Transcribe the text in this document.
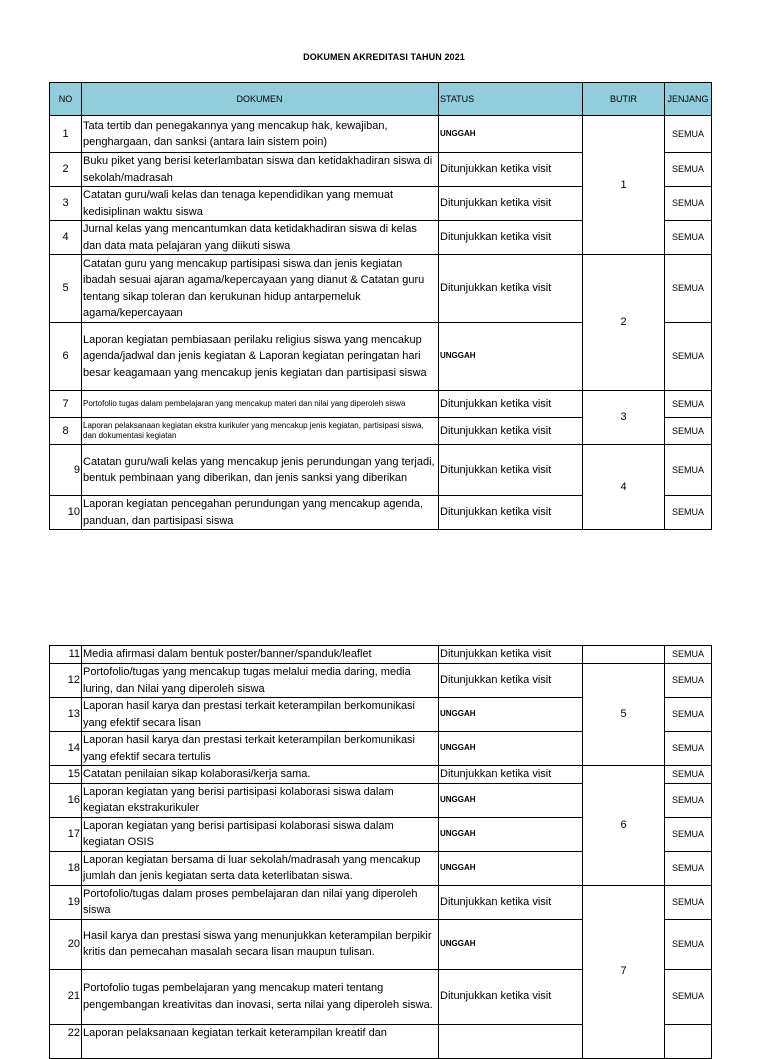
DOKUMEN AKREDITASI TAHUN 2021
NO	DOKUMEN	STATUS	BUTIR	JENJANG
1	Tata tertib dan penegakannya yang mencakup hak, kewajiban, penghargaan, dan sanksi (antara lain sistem poin)	UNGGAH	1	SEMUA
2	Buku piket yang berisi keterlambatan siswa dan ketidakhadiran siswa di sekolah/madrasah	Ditunjukkan ketika visit		SEMUA
3	Catatan guru/wali kelas dan tenaga kependidikan yang memuat kedisiplinan waktu siswa	Ditunjukkan ketika visit		SEMUA
4	Jurnal kelas yang mencantumkan data ketidakhadiran siswa di kelas dan data mata pelajaran yang diikuti siswa	Ditunjukkan ketika visit		SEMUA
5	Catatan guru yang mencakup partisipasi siswa dan jenis kegiatan ibadah sesuai ajaran agama/kepercayaan yang dianut & Catatan guru tentang sikap toleran dan kerukunan hidup antarpemeluk agama/kepercayaan	Ditunjukkan ketika visit	2	SEMUA
6	Laporan kegiatan pembiasaan perilaku religius siswa yang mencakup agenda/jadwal dan jenis kegiatan & Laporan kegiatan peringatan hari besar keagamaan yang mencakup jenis kegiatan dan partisipasi siswa	UNGGAH		SEMUA
7	Portofolio tugas dalam pembelajaran yang mencakup materi dan nilai yang diperoleh siswa	Ditunjukkan ketika visit	3	SEMUA
8	Laporan pelaksanaan kegiatan ekstra kurikuler yang mencakup jenis kegiatan, partisipasi siswa, dan dokumentasi kegiatan	Ditunjukkan ketika visit		SEMUA
9	Catatan guru/wali kelas yang mencakup jenis perundungan yang terjadi, bentuk pembinaan yang diberikan, dan jenis sanksi yang diberikan	Ditunjukkan ketika visit	4	SEMUA
10	Laporan kegiatan pencegahan perundungan yang mencakup agenda, panduan, dan partisipasi siswa	Ditunjukkan ketika visit		SEMUA
11	Media afirmasi dalam bentuk poster/banner/spanduk/leaflet	Ditunjukkan ketika visit		SEMUA
12	Portofolio/tugas yang mencakup tugas melalui media daring, media luring, dan Nilai yang diperoleh siswa	Ditunjukkan ketika visit	5	SEMUA
13	Laporan hasil karya dan prestasi terkait keterampilan berkomunikasi yang efektif secara lisan	UNGGAH		SEMUA
14	Laporan hasil karya dan prestasi terkait keterampilan berkomunikasi yang efektif secara tertulis	UNGGAH		SEMUA
15	Catatan penilaian sikap kolaborasi/kerja sama.	Ditunjukkan ketika visit	6	SEMUA
16	Laporan kegiatan yang berisi partisipasi kolaborasi siswa dalam kegiatan ekstrakurikuler	UNGGAH		SEMUA
17	Laporan kegiatan yang berisi partisipasi kolaborasi siswa dalam kegiatan OSIS	UNGGAH		SEMUA
18	Laporan kegiatan bersama di luar sekolah/madrasah yang mencakup jumlah dan jenis kegiatan serta data keterlibatan siswa.	UNGGAH		SEMUA
19	Portofolio/tugas dalam proses pembelajaran dan nilai yang diperoleh siswa	Ditunjukkan ketika visit	7	SEMUA
20	Hasil karya dan prestasi siswa yang menunjukkan keterampilan berpikir kritis dan pemecahan masalah secara lisan maupun tulisan.	UNGGAH		SEMUA
21	Portofolio tugas pembelajaran yang mencakup materi tentang pengembangan kreativitas dan inovasi, serta nilai yang diperoleh siswa.	Ditunjukkan ketika visit		SEMUA
22	Laporan pelaksanaan kegiatan terkait keterampilan kreatif dan			
